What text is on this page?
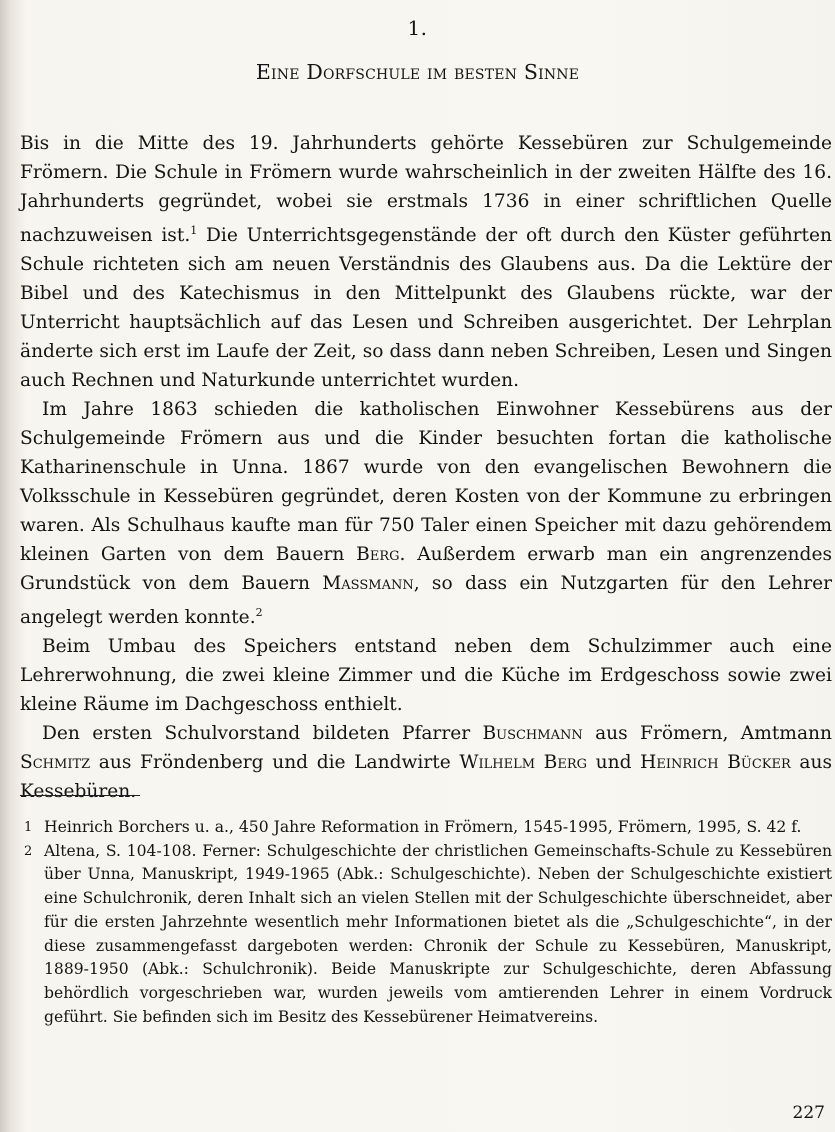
1.
Eine Dorfschule im besten Sinne

Bis in die Mitte des 19. Jahrhunderts gehörte Kessebüren zur Schulgemeinde Frömern. Die Schule in Frömern wurde wahrscheinlich in der zweiten Hälfte des 16. Jahrhunderts gegründet, wobei sie erstmals 1736 in einer schriftlichen Quelle nachzuweisen ist.$^1$ Die Unterrichtsgegenstände der oft durch den Küster geführten Schule richteten sich am neuen Verständnis des Glaubens aus. Da die Lektüre der Bibel und des Katechismus in den Mittelpunkt des Glaubens rückte, war der Unterricht hauptsächlich auf das Lesen und Schreiben ausgerichtet. Der Lehrplan änderte sich erst im Laufe der Zeit, so dass dann neben Schreiben, Lesen und Singen auch Rechnen und Naturkunde unterrichtet wurden.

Im Jahre 1863 schieden die katholischen Einwohner Kessebürens aus der Schulgemeinde Frömern aus und die Kinder besuchten fortan die katholische Katharinenschule in Unna. 1867 wurde von den evangelischen Bewohnern die Volksschule in Kessebüren gegründet, deren Kosten von der Kommune zu erbringen waren. Als Schulhaus kaufte man für 750 Taler einen Speicher mit dazu gehörendem kleinen Garten von dem Bauern Berg. Außerdem erwarb man ein angrenzendes Grundstück von dem Bauern Massmann, so dass ein Nutzgarten für den Lehrer angelegt werden konnte.$^2$

Beim Umbau des Speichers entstand neben dem Schulzimmer auch eine Lehrerwohnung, die zwei kleine Zimmer und die Küche im Erdgeschoss sowie zwei kleine Räume im Dachgeschoss enthielt.

Den ersten Schulvorstand bildeten Pfarrer Buschmann aus Frömern, Amtmann Schmitz aus Fröndenberg und die Landwirte Wilhelm Berg und Heinrich Bücker aus Kessebüren.

1 Heinrich Borchers u. a., 450 Jahre Reformation in Frömern, 1545-1995, Frömern, 1995, S. 42 f.

2 Altena, S. 104-108. Ferner: Schulgeschichte der christlichen Gemeinschafts-Schule zu Kessebüren über Unna, Manuskript, 1949-1965 (Abk.: Schulgeschichte). Neben der Schulgeschichte existiert eine Schulchronik, deren Inhalt sich an vielen Stellen mit der Schulgeschichte überschneidet, aber für die ersten Jahrzehnte wesentlich mehr Informationen bietet als die „Schulgeschichte“, in der diese zusammengefasst dargeboten werden: Chronik der Schule zu Kessebüren, Manuskript, 1889-1950 (Abk.: Schulchronik). Beide Manuskripte zur Schulgeschichte, deren Abfassung behördlich vorgeschrieben war, wurden jeweils vom amtierenden Lehrer in einem Vordruck geführt. Sie befinden sich im Besitz des Kessebürener Heimatvereins.

227
